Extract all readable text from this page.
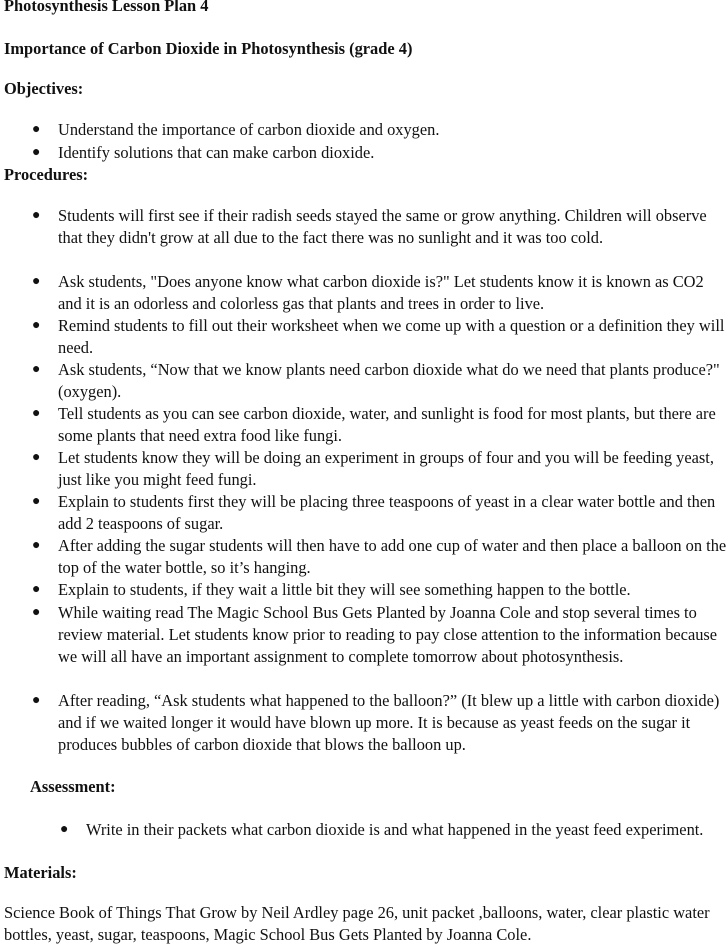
Photosynthesis Lesson Plan 4

Importance of Carbon Dioxide in Photosynthesis (grade 4)

Objectives:

● Understand the importance of carbon dioxide and oxygen.

● Identify solutions that can make carbon dioxide.

Procedures:

● Students will first see if their radish seeds stayed the same or grow anything. Children will observe that they didn't grow at all due to the fact there was no sunlight and it was too cold.

● Ask students, "Does anyone know what carbon dioxide is?" Let students know it is known as CO2 and it is an odorless and colorless gas that plants and trees in order to live.

● Remind students to fill out their worksheet when we come up with a question or a definition they will need.

● Ask students, “Now that we know plants need carbon dioxide what do we need that plants produce?" (oxygen).

● Tell students as you can see carbon dioxide, water, and sunlight is food for most plants, but there are some plants that need extra food like fungi.

● Let students know they will be doing an experiment in groups of four and you will be feeding yeast, just like you might feed fungi.

● Explain to students first they will be placing three teaspoons of yeast in a clear water bottle and then add 2 teaspoons of sugar.

● After adding the sugar students will then have to add one cup of water and then place a balloon on the top of the water bottle, so it’s hanging.

● Explain to students, if they wait a little bit they will see something happen to the bottle.

● While waiting read The Magic School Bus Gets Planted by Joanna Cole and stop several times to review material. Let students know prior to reading to pay close attention to the information because we will all have an important assignment to complete tomorrow about photosynthesis.

● After reading, “Ask students what happened to the balloon?” (It blew up a little with carbon dioxide) and if we waited longer it would have blown up more. It is because as yeast feeds on the sugar it produces bubbles of carbon dioxide that blows the balloon up.

Assessment:

● Write in their packets what carbon dioxide is and what happened in the yeast feed experiment.

Materials:

Science Book of Things That Grow by Neil Ardley page 26, unit packet ,balloons, water, clear plastic water bottles, yeast, sugar, teaspoons, Magic School Bus Gets Planted by Joanna Cole.
